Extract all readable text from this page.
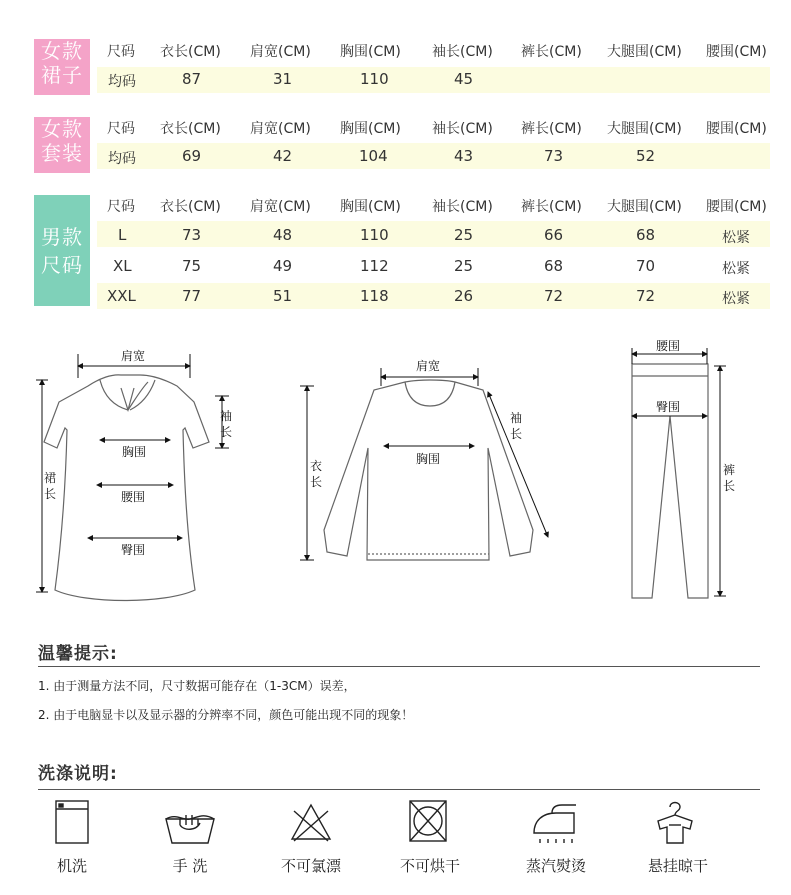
女款
裙子
尺码 衣长(CM) 肩宽(CM) 胸围(CM) 袖长(CM) 裤长(CM) 大腿围(CM) 腰围(CM)
均码	87	31	110	45
女款
套装
尺码 衣长(CM) 肩宽(CM) 胸围(CM) 袖长(CM) 裤长(CM) 大腿围(CM) 腰围(CM)
均码	69	42	104	43	73	52
男款
尺码
尺码 衣长(CM) 肩宽(CM) 胸围(CM) 袖长(CM) 裤长(CM) 大腿围(CM) 腰围(CM)
L	73	48	110	25	66	68	松紧
XL	75	49	112	25	68	70	松紧
XXL	77	51	118	26	72	72	松紧
肩宽
袖
长
胸围
腰围
臀围
裙
长
肩宽
胸围
袖
长
衣
长
腰围
臀围
裤
长
温馨提示:
1. 由于测量方法不同，尺寸数据可能存在（1-3CM）误差，
2. 由于电脑显卡以及显示器的分辨率不同，颜色可能出现不同的现象！
洗涤说明:
机洗	手 洗	不可氯漂	不可烘干	蒸汽熨烫	悬挂晾干
